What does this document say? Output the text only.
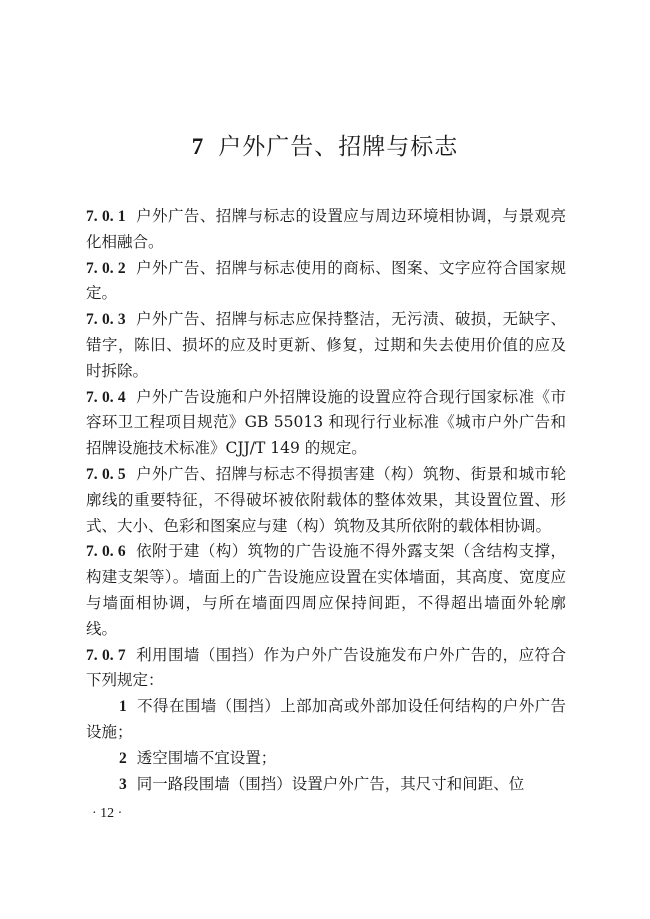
7 户外广告、招牌与标志

7. 0. 1 户外广告、招牌与标志的设置应与周边环境相协调，与景观亮化相融合。

7. 0. 2 户外广告、招牌与标志使用的商标、图案、文字应符合国家规定。

7. 0. 3 户外广告、招牌与标志应保持整洁，无污渍、破损，无缺字、错字，陈旧、损坏的应及时更新、修复，过期和失去使用价值的应及时拆除。

7. 0. 4 户外广告设施和户外招牌设施的设置应符合现行国家标准《市容环卫工程项目规范》GB 55013 和现行行业标准《城市户外广告和招牌设施技术标准》CJJ/T 149 的规定。

7. 0. 5 户外广告、招牌与标志不得损害建（构）筑物、街景和城市轮廓线的重要特征，不得破坏被依附载体的整体效果，其设置位置、形式、大小、色彩和图案应与建（构）筑物及其所依附的载体相协调。

7. 0. 6 依附于建（构）筑物的广告设施不得外露支架（含结构支撑，构建支架等）。墙面上的广告设施应设置在实体墙面，其高度、宽度应与墙面相协调，与所在墙面四周应保持间距，不得超出墙面外轮廓线。

7. 0. 7 利用围墙（围挡）作为户外广告设施发布户外广告的，应符合下列规定：

1 不得在围墙（围挡）上部加高或外部加设任何结构的户外广告设施；

2 透空围墙不宜设置；

3 同一路段围墙（围挡）设置户外广告，其尺寸和间距、位

· 12 ·
